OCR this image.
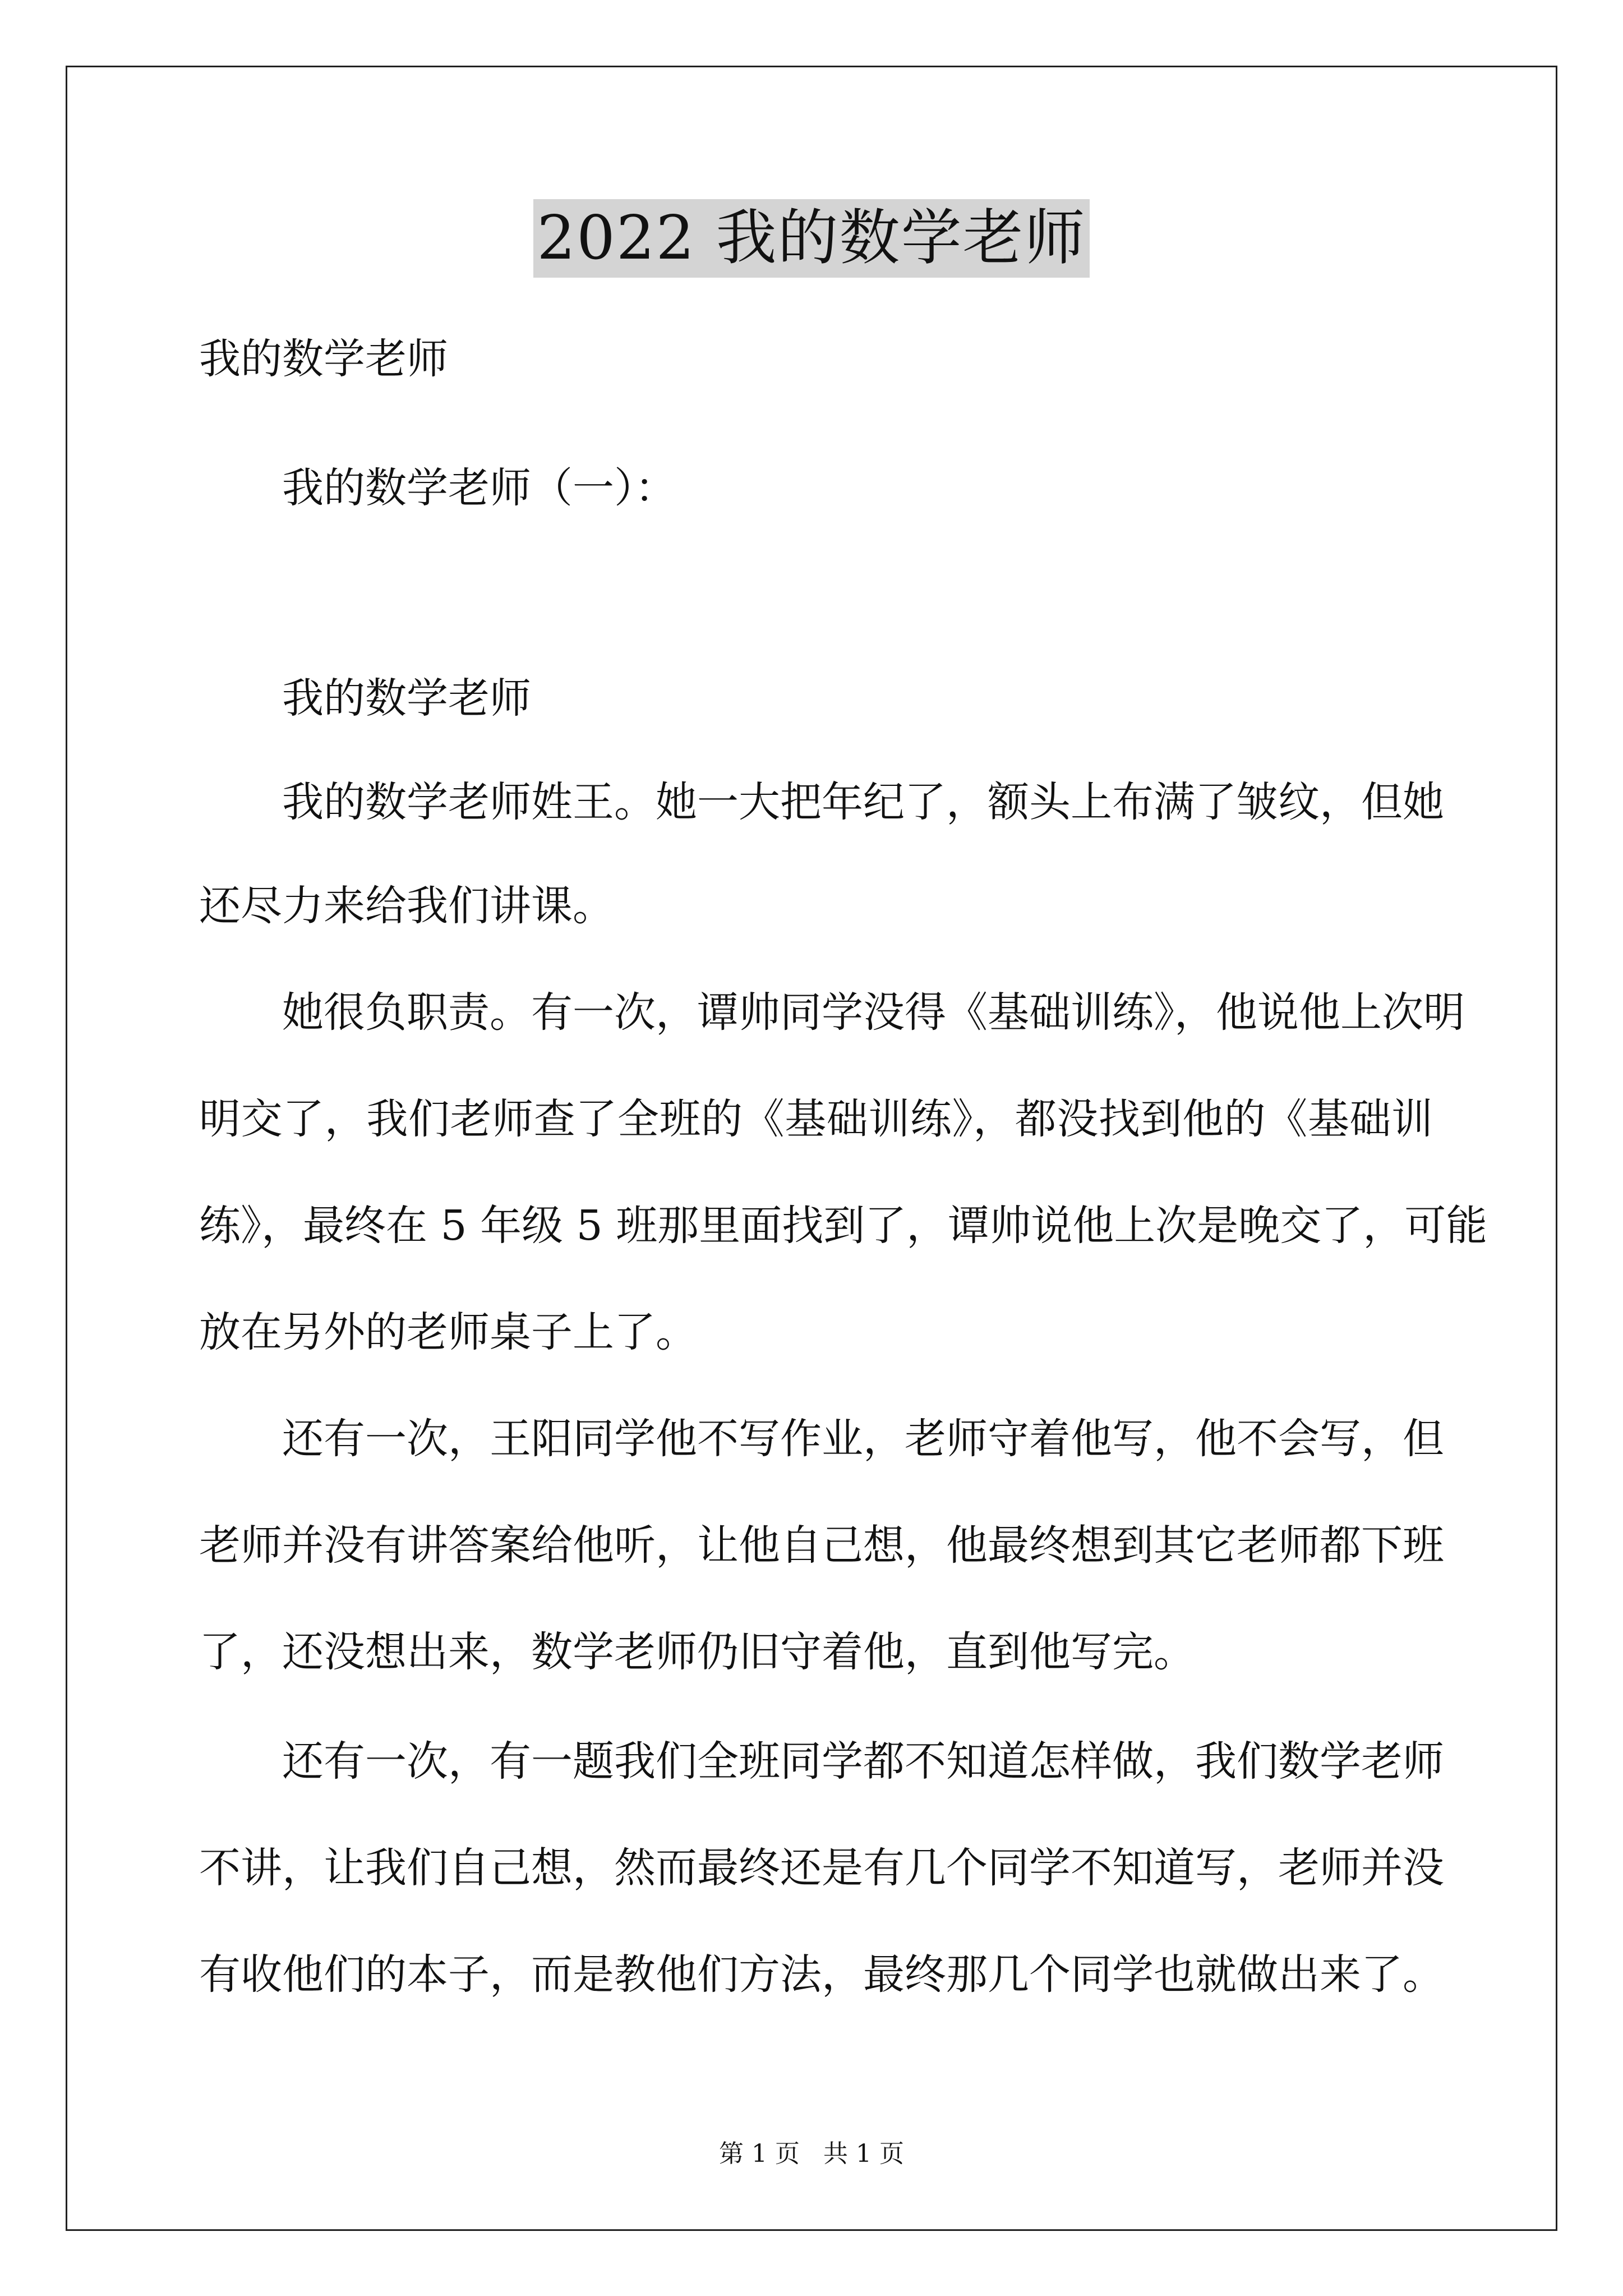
2022 我的数学老师
我的数学老师
我的数学老师（一）：
我的数学老师
我的数学老师姓王。她一大把年纪了，额头上布满了皱纹，但她
还尽力来给我们讲课。
她很负职责。有一次，谭帅同学没得《基础训练》，他说他上次明
明交了，我们老师查了全班的《基础训练》，都没找到他的《基础训
练》，最终在 5 年级 5 班那里面找到了，谭帅说他上次是晚交了，可能
放在另外的老师桌子上了。
还有一次，王阳同学他不写作业，老师守着他写，他不会写，但
老师并没有讲答案给他听，让他自己想，他最终想到其它老师都下班
了，还没想出来，数学老师仍旧守着他，直到他写完。
还有一次，有一题我们全班同学都不知道怎样做，我们数学老师
不讲，让我们自己想，然而最终还是有几个同学不知道写，老师并没
有收他们的本子，而是教他们方法，最终那几个同学也就做出来了。
第 1 页 共 1 页
